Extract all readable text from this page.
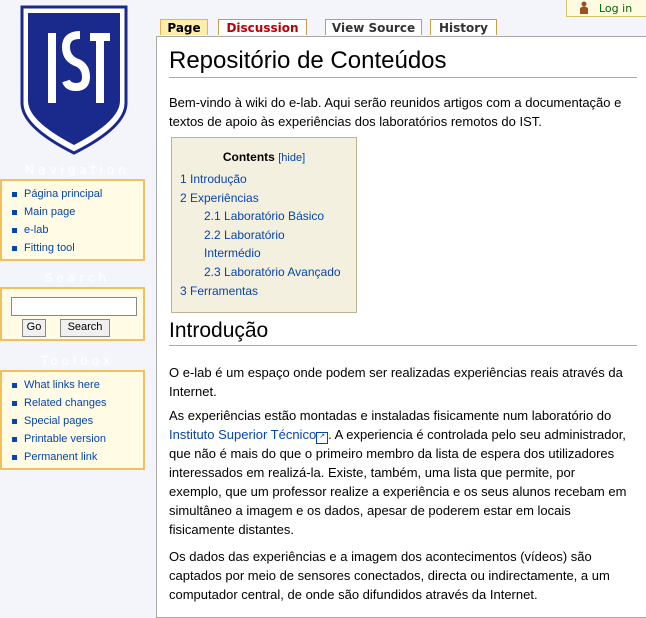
Log in
Page	Discussion	View Source	History
Navigation
Página principal
Main page
e-lab
Fitting tool
Search
Go	Search
Toolbox
What links here
Related changes
Special pages
Printable version
Permanent link
Repositório de Conteúdos
Bem-vindo à wiki do e-lab. Aqui serão reunidos artigos com a documentação e textos de apoio às experiências dos laboratórios remotos do IST.
Contents [hide]
1 Introdução
2 Experiências
2.1 Laboratório Básico
2.2 Laboratório
Intermédio
2.3 Laboratório Avançado
3 Ferramentas
Introdução
O e-lab é um espaço onde podem ser realizadas experiências reais através da Internet.
As experiências estão montadas e instaladas fisicamente num laboratório do Instituto Superior Técnico ↗ . A experiencia é controlada pelo seu administrador, que não é mais do que o primeiro membro da lista de espera dos utilizadores interessados em realizá-la. Existe, também, uma lista que permite, por exemplo, que um professor realize a experiência e os seus alunos recebam em simultâneo a imagem e os dados, apesar de poderem estar em locais fisicamente distantes.
Os dados das experiências e a imagem dos acontecimentos (vídeos) são captados por meio de sensores conectados, directa ou indirectamente, a um computador central, de onde são difundidos através da Internet.
